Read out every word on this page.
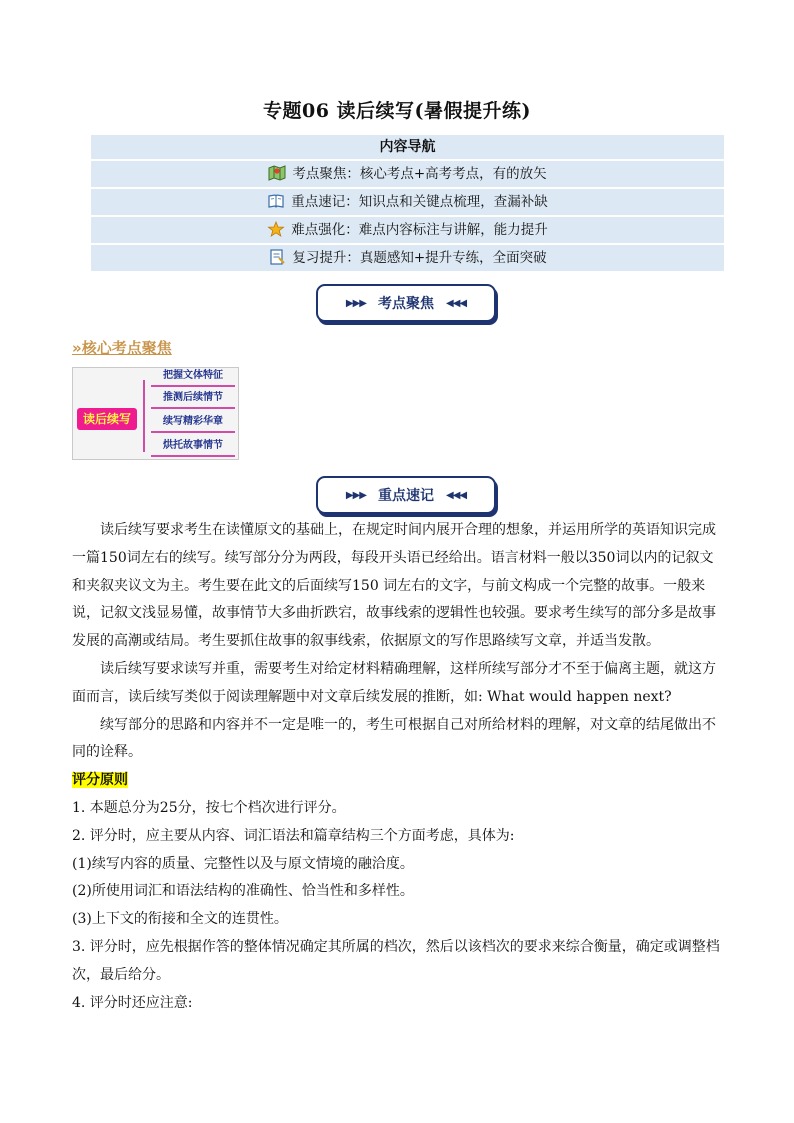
专题06 读后续写(暑假提升练)
内容导航
考点聚焦：核心考点+高考考点，有的放矢
重点速记：知识点和关键点梳理，查漏补缺
难点强化：难点内容标注与讲解，能力提升
复习提升：真题感知+提升专练，全面突破
▶▶▶ 考点聚焦 ◀◀◀
»核心考点聚焦
读后续写
把握文体特征
推测后续情节
续写精彩华章
烘托故事情节
▶▶▶ 重点速记 ◀◀◀

读后续写要求考生在读懂原文的基础上，在规定时间内展开合理的想象，并运用所学的英语知识完成一篇150词左右的续写。续写部分分为两段，每段开头语已经给出。语言材料一般以350词以内的记叙文和夹叙夹议文为主。考生要在此文的后面续写150 词左右的文字，与前文构成一个完整的故事。一般来说，记叙文浅显易懂，故事情节大多曲折跌宕，故事线索的逻辑性也较强。要求考生续写的部分多是故事发展的高潮或结局。考生要抓住故事的叙事线索，依据原文的写作思路续写文章，并适当发散。

读后续写要求读写并重，需要考生对给定材料精确理解，这样所续写部分才不至于偏离主题，就这方面而言，读后续写类似于阅读理解题中对文章后续发展的推断，如: What would happen next?

续写部分的思路和内容并不一定是唯一的，考生可根据自己对所给材料的理解，对文章的结尾做出不同的诠释。

评分原则

1. 本题总分为25分，按七个档次进行评分。

2. 评分时，应主要从内容、词汇语法和篇章结构三个方面考虑，具体为:

(1)续写内容的质量、完整性以及与原文情境的融洽度。

(2)所使用词汇和语法结构的准确性、恰当性和多样性。

(3)上下文的衔接和全文的连贯性。

3. 评分时，应先根据作答的整体情况确定其所属的档次，然后以该档次的要求来综合衡量，确定或调整档次，最后给分。

4. 评分时还应注意:
